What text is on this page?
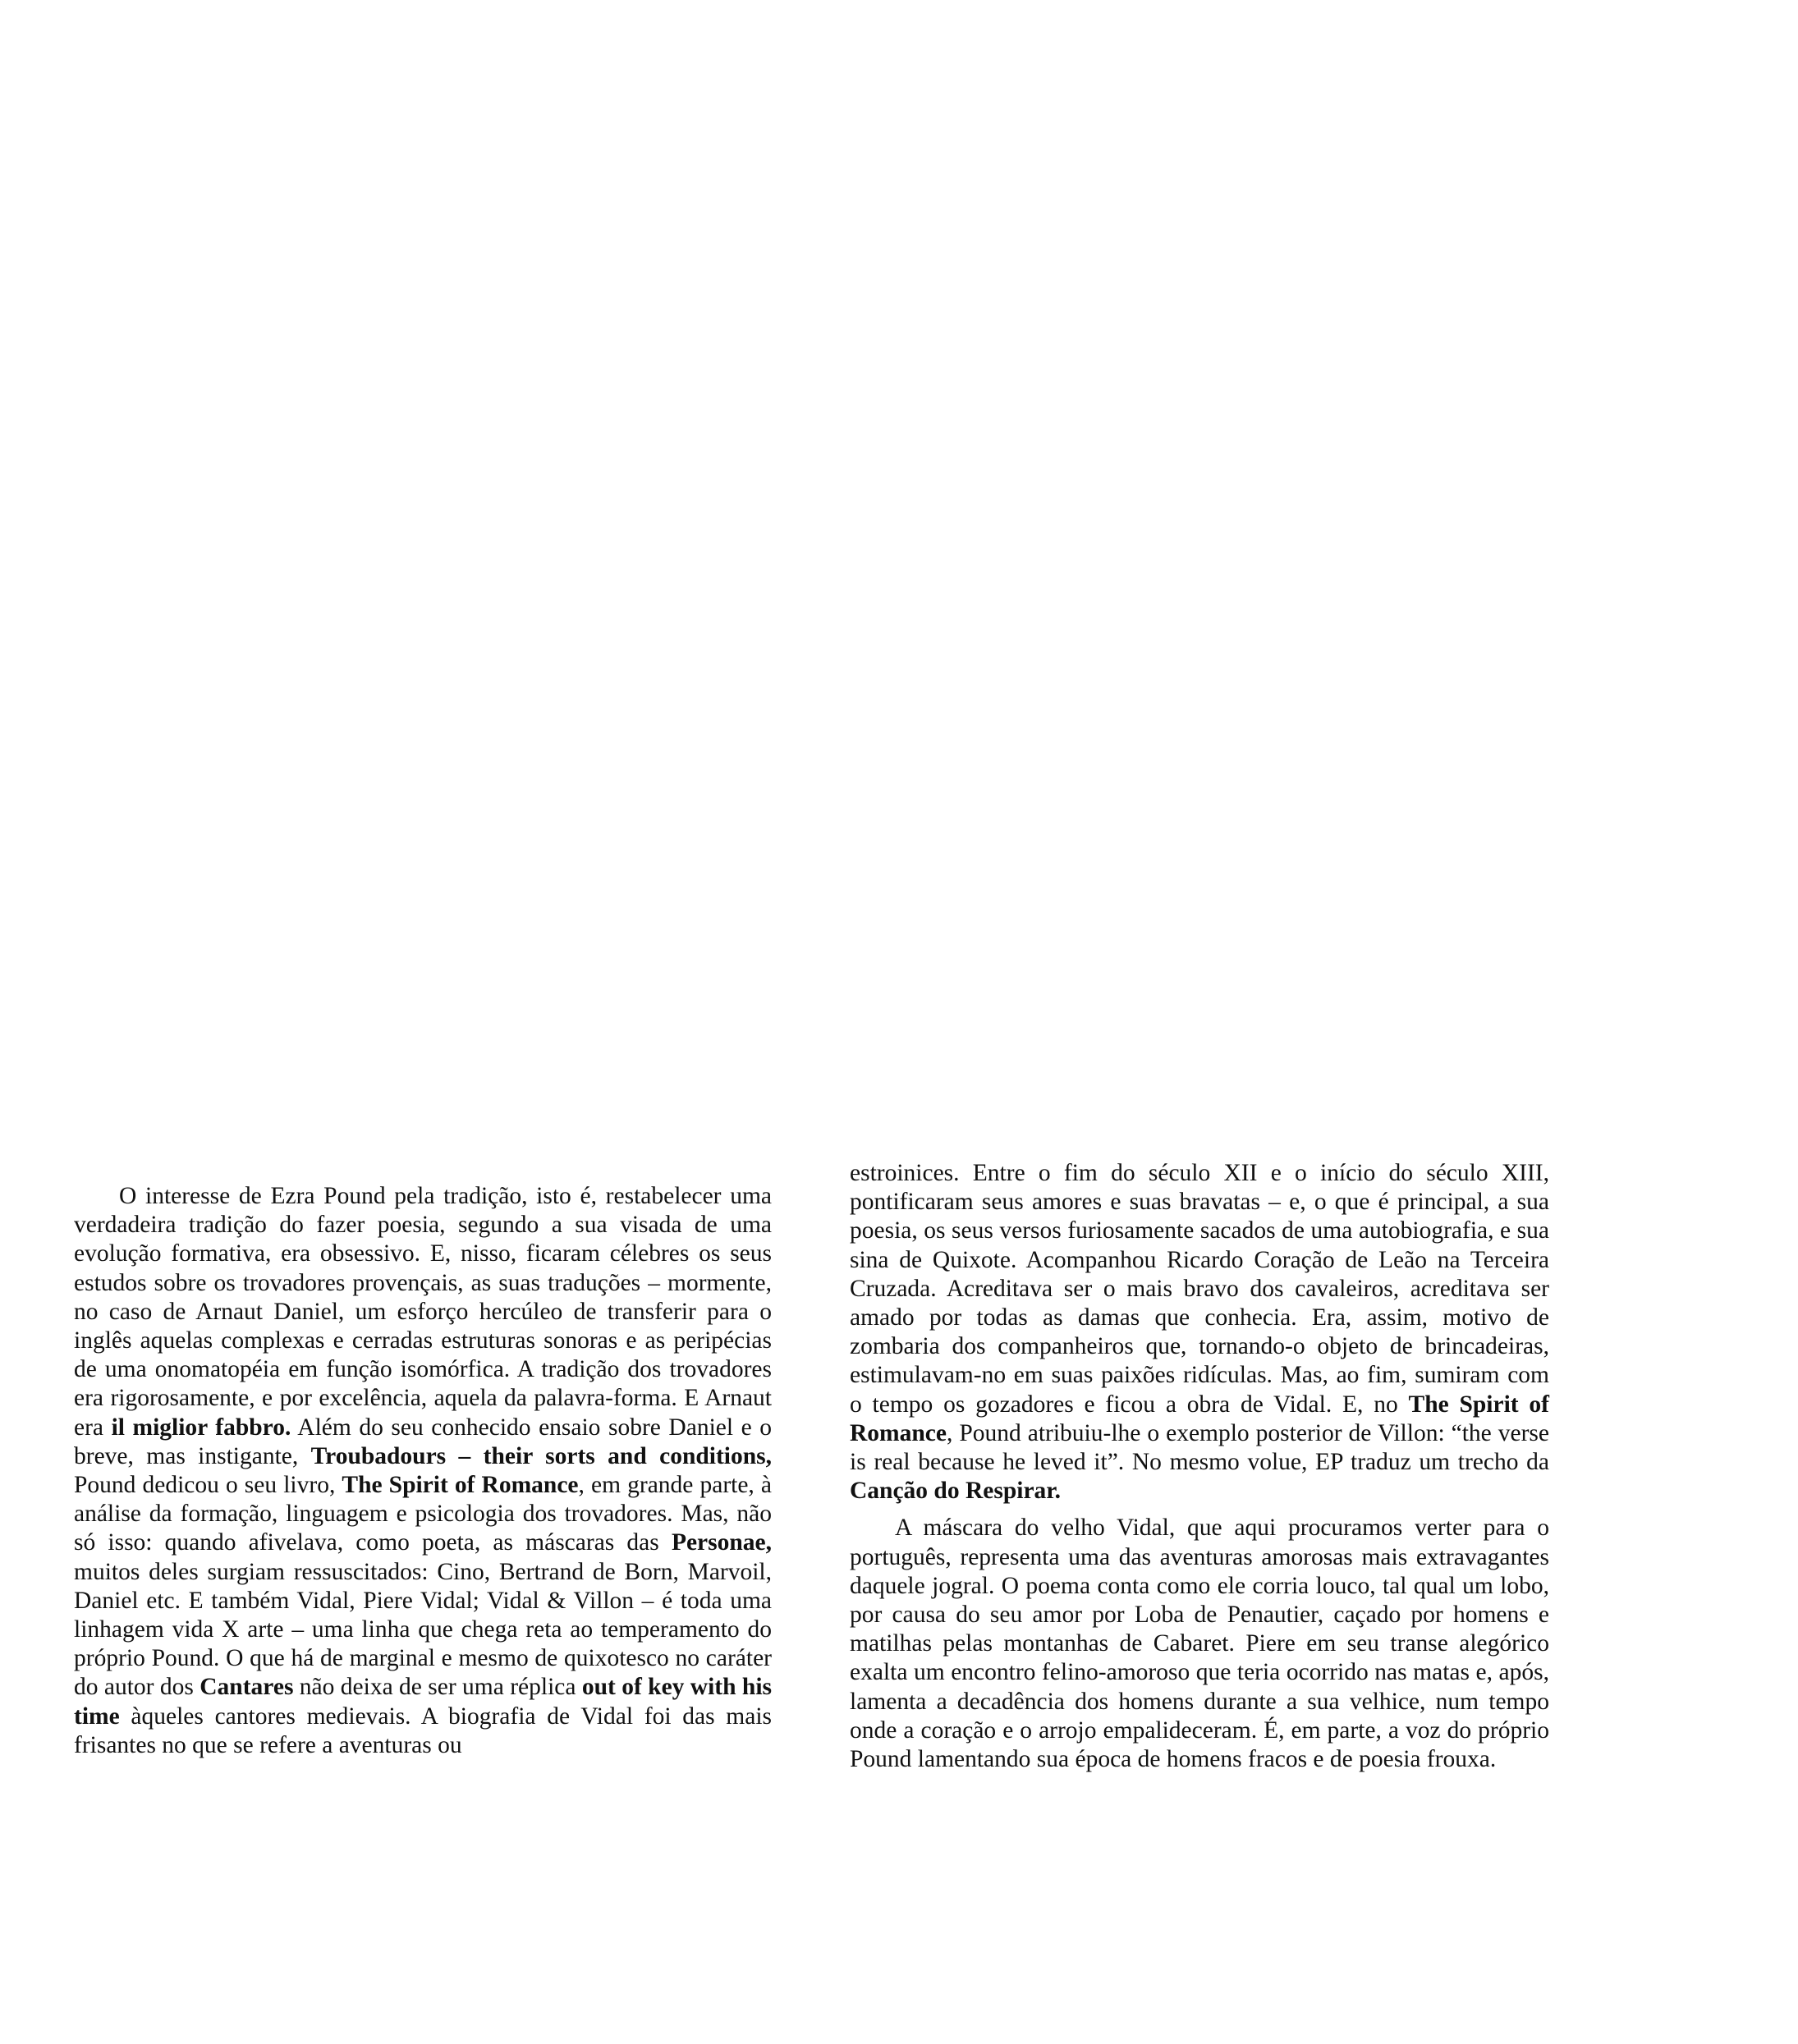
O interesse de Ezra Pound pela tradição, isto é, restabelecer uma verdadeira tradição do fazer poesia, segundo a sua visada de uma evolução formativa, era obsessivo. E, nisso, ficaram célebres os seus estudos sobre os trovadores provençais, as suas traduções – mormente, no caso de Arnaut Daniel, um esforço hercúleo de transferir para o inglês aquelas complexas e cerradas estruturas sonoras e as peripécias de uma onomatopéia em função isomórfica. A tradição dos trovadores era rigorosamente, e por excelência, aquela da palavra-forma. E Arnaut era il miglior fabbro. Além do seu conhecido ensaio sobre Daniel e o breve, mas instigante, Troubadours – their sorts and conditions, Pound dedicou o seu livro, The Spirit of Romance, em grande parte, à análise da formação, linguagem e psicologia dos trovadores. Mas, não só isso: quando afivelava, como poeta, as máscaras das Personae, muitos deles surgiam ressuscitados: Cino, Bertrand de Born, Marvoil, Daniel etc. E também Vidal, Piere Vidal; Vidal & Villon – é toda uma linhagem vida X arte – uma linha que chega reta ao temperamento do próprio Pound. O que há de marginal e mesmo de quixotesco no caráter do autor dos Cantares não deixa de ser uma réplica out of key with his time àqueles cantores medievais. A biografia de Vidal foi das mais frisantes no que se refere a aventuras ou

estroinices. Entre o fim do século XII e o início do século XIII, pontificaram seus amores e suas bravatas – e, o que é principal, a sua poesia, os seus versos furiosamente sacados de uma autobiografia, e sua sina de Quixote. Acompanhou Ricardo Coração de Leão na Terceira Cruzada. Acreditava ser o mais bravo dos cavaleiros, acreditava ser amado por todas as damas que conhecia. Era, assim, motivo de zombaria dos companheiros que, tornando-o objeto de brincadeiras, estimulavam-no em suas paixões ridículas. Mas, ao fim, sumiram com o tempo os gozadores e ficou a obra de Vidal. E, no The Spirit of Romance, Pound atribuiu-lhe o exemplo posterior de Villon: “the verse is real because he leved it”. No mesmo volue, EP traduz um trecho da Canção do Respirar.

A máscara do velho Vidal, que aqui procuramos verter para o português, representa uma das aventuras amorosas mais extravagantes daquele jogral. O poema conta como ele corria louco, tal qual um lobo, por causa do seu amor por Loba de Penautier, caçado por homens e matilhas pelas montanhas de Cabaret. Piere em seu transe alegórico exalta um encontro felino-amoroso que teria ocorrido nas matas e, após, lamenta a decadência dos homens durante a sua velhice, num tempo onde a coração e o arrojo empalideceram. É, em parte, a voz do próprio Pound lamentando sua época de homens fracos e de poesia frouxa.
